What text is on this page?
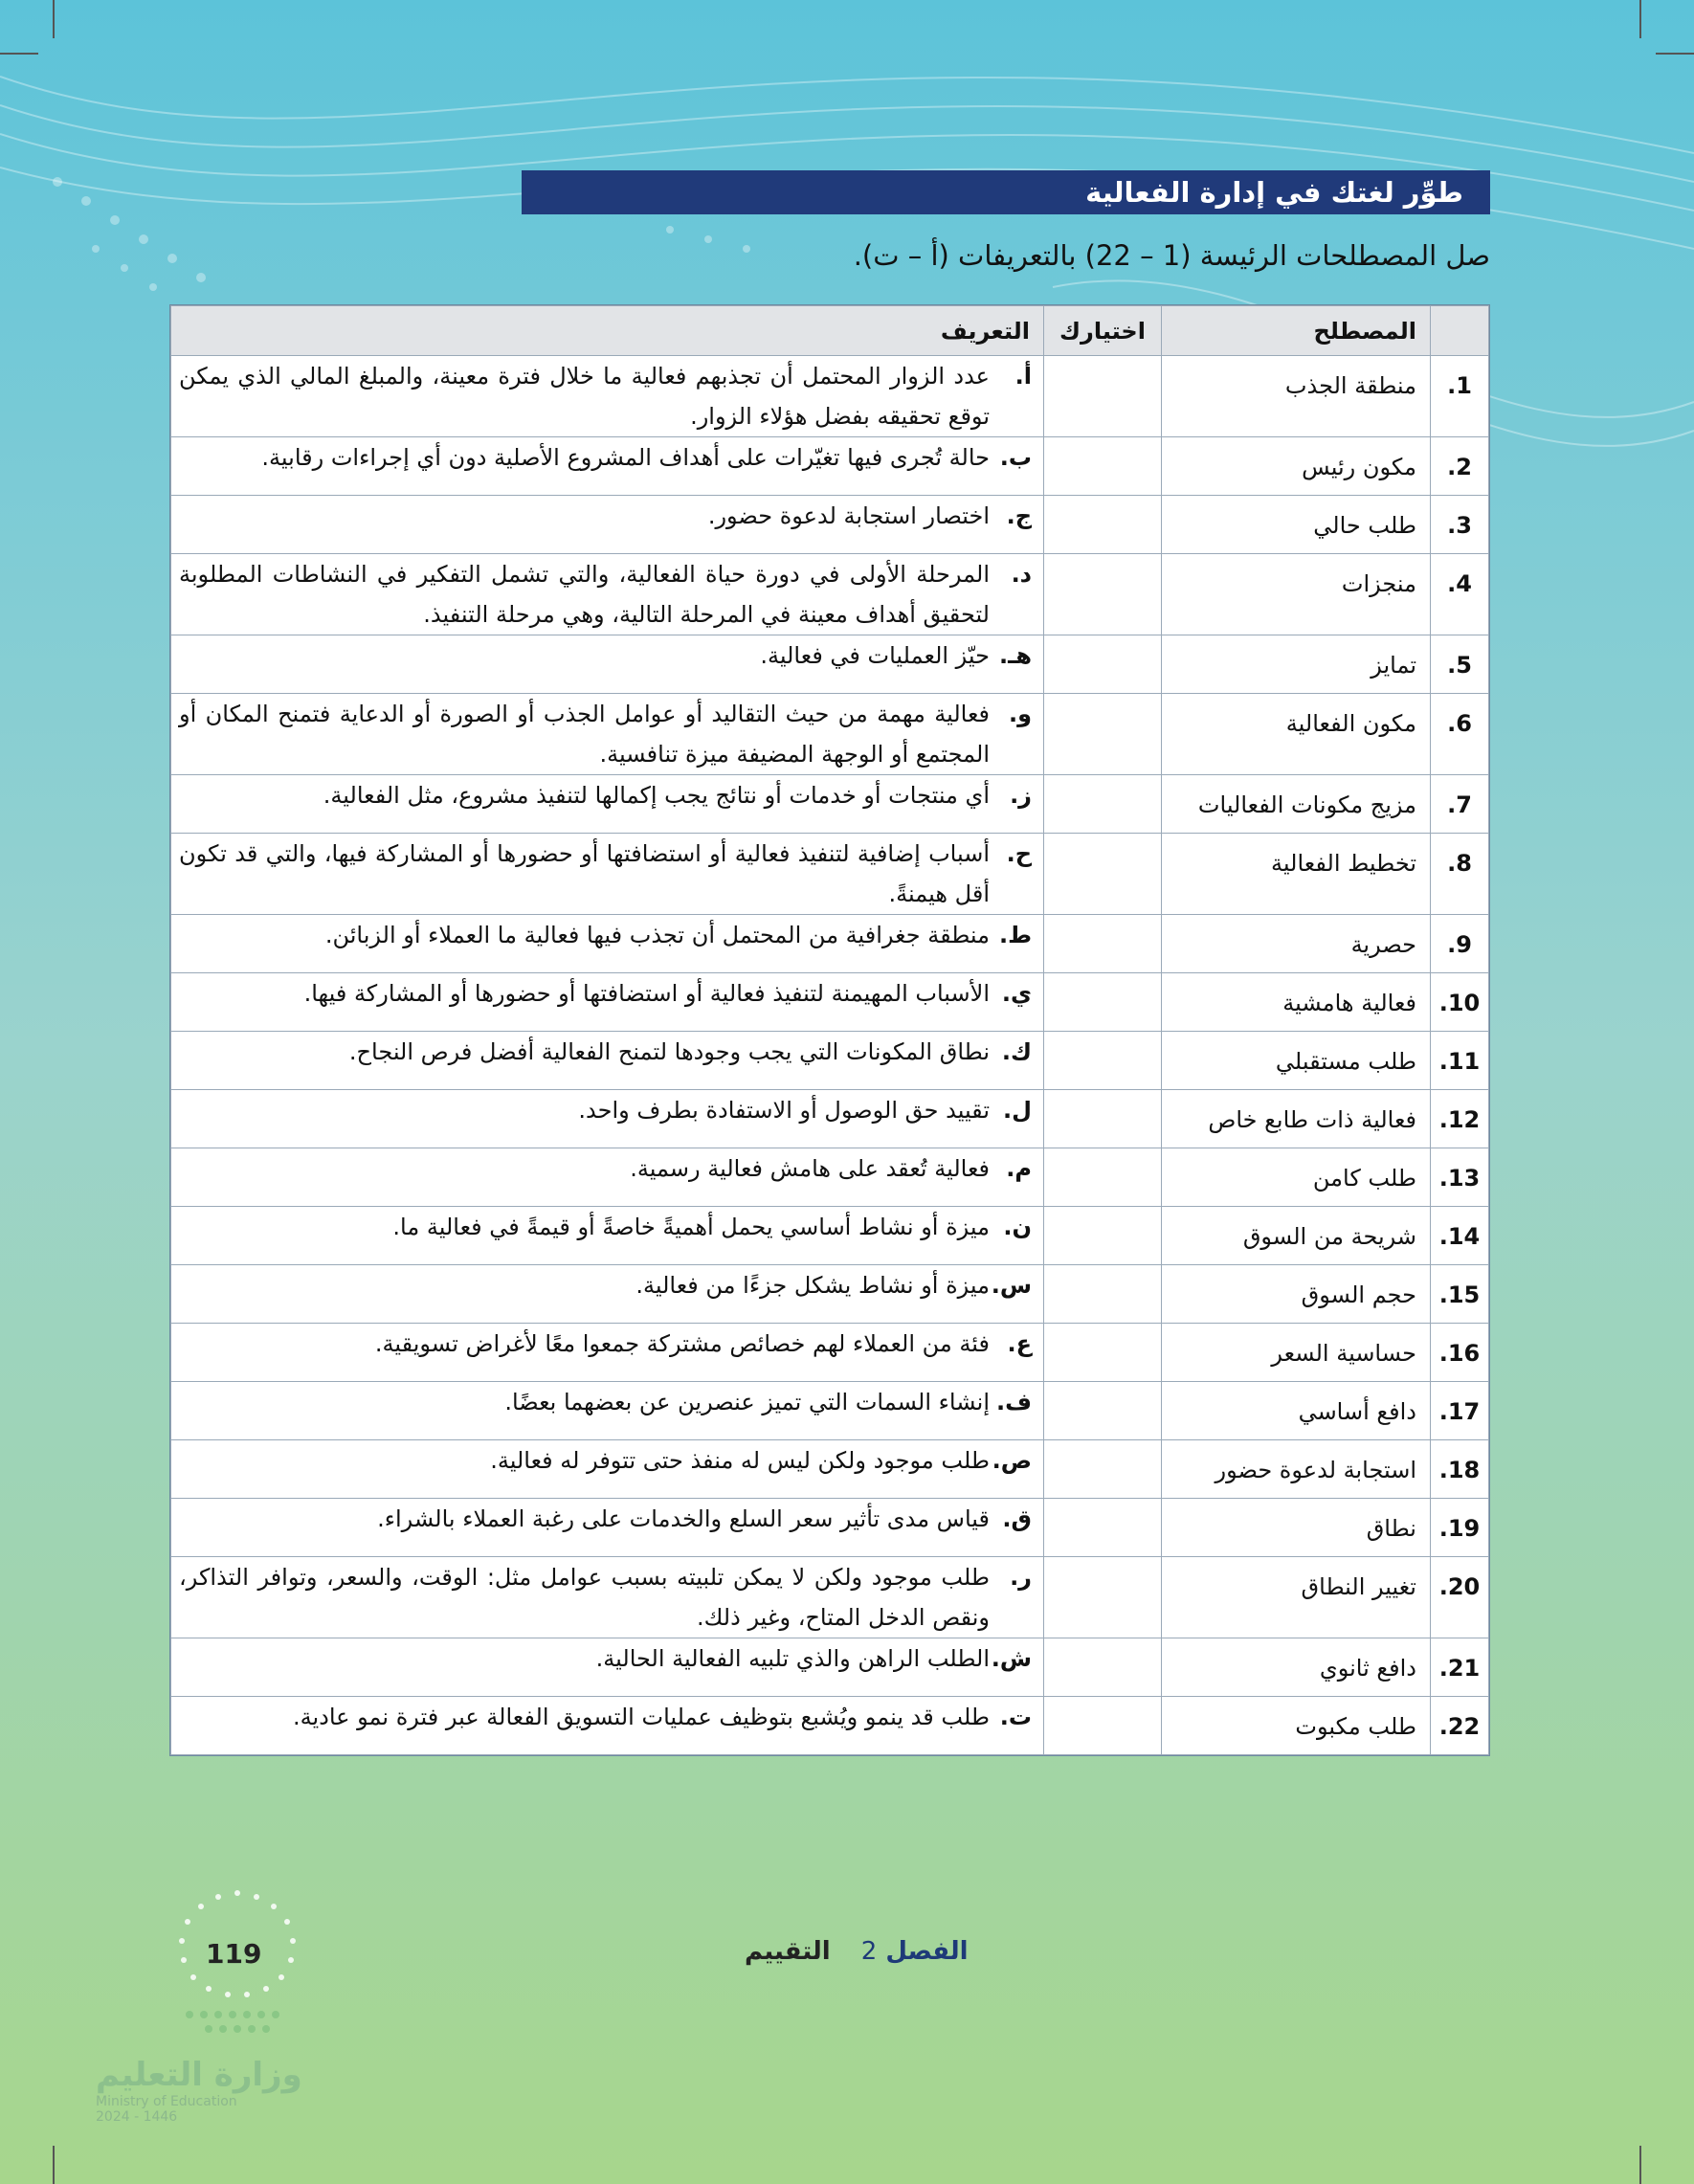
طوِّر لغتك في إدارة الفعالية
صل المصطلحات الرئيسة (1 – 22) بالتعريفات (أ – ت).
	المصطلح	اختيارك	التعريف
1.	منطقة الجذب		أ.
عدد الزوار المحتمل أن تجذبهم فعالية ما خلال فترة معينة، والمبلغ المالي الذي يمكن توقع تحقيقه بفضل هؤلاء الزوار.

2.	مكون رئيس		ب.
حالة تُجرى فيها تغيّرات على أهداف المشروع الأصلية دون أي إجراءات رقابية.

3.	طلب حالي		ج.
اختصار استجابة لدعوة حضور.

4.	منجزات		د.
المرحلة الأولى في دورة حياة الفعالية، والتي تشمل التفكير في النشاطات المطلوبة لتحقيق أهداف معينة في المرحلة التالية، وهي مرحلة التنفيذ.

5.	تمايز		هـ.
حيّز العمليات في فعالية.

6.	مكون الفعالية		و.
فعالية مهمة من حيث التقاليد أو عوامل الجذب أو الصورة أو الدعاية فتمنح المكان أو المجتمع أو الوجهة المضيفة ميزة تنافسية.

7.	مزيج مكونات الفعاليات		ز.
أي منتجات أو خدمات أو نتائج يجب إكمالها لتنفيذ مشروع، مثل الفعالية.

8.	تخطيط الفعالية		ح.
أسباب إضافية لتنفيذ فعالية أو استضافتها أو حضورها أو المشاركة فيها، والتي قد تكون أقل هيمنةً.

9.	حصرية		ط.
منطقة جغرافية من المحتمل أن تجذب فيها فعالية ما العملاء أو الزبائن.

10.	فعالية هامشية		ي.
الأسباب المهيمنة لتنفيذ فعالية أو استضافتها أو حضورها أو المشاركة فيها.

11.	طلب مستقبلي		ك.
نطاق المكونات التي يجب وجودها لتمنح الفعالية أفضل فرص النجاح.

12.	فعالية ذات طابع خاص		ل.
تقييد حق الوصول أو الاستفادة بطرف واحد.

13.	طلب كامن		م.
فعالية تُعقد على هامش فعالية رسمية.

14.	شريحة من السوق		ن.
ميزة أو نشاط أساسي يحمل أهميةً خاصةً أو قيمةً في فعالية ما.

15.	حجم السوق		س.
ميزة أو نشاط يشكل جزءًا من فعالية.

16.	حساسية السعر		ع.
فئة من العملاء لهم خصائص مشتركة جمعوا معًا لأغراض تسويقية.

17.	دافع أساسي		ف.
إنشاء السمات التي تميز عنصرين عن بعضهما بعضًا.

18.	استجابة لدعوة حضور		ص.
طلب موجود ولكن ليس له منفذ حتى تتوفر له فعالية.

19.	نطاق		ق.
قياس مدى تأثير سعر السلع والخدمات على رغبة العملاء بالشراء.

20.	تغيير النطاق		ر.
طلب موجود ولكن لا يمكن تلبيته بسبب عوامل مثل: الوقت، والسعر، وتوافر التذاكر، ونقص الدخل المتاح، وغير ذلك.

21.	دافع ثانوي		ش.
الطلب الراهن والذي تلبيه الفعالية الحالية.

22.	طلب مكبوت		ت.
طلب قد ينمو ويُشبع بتوظيف عمليات التسويق الفعالة عبر فترة نمو عادية.
الفصل 2  التقييم
119
وزارة التعليم
Ministry of Education
2024 - 1446
